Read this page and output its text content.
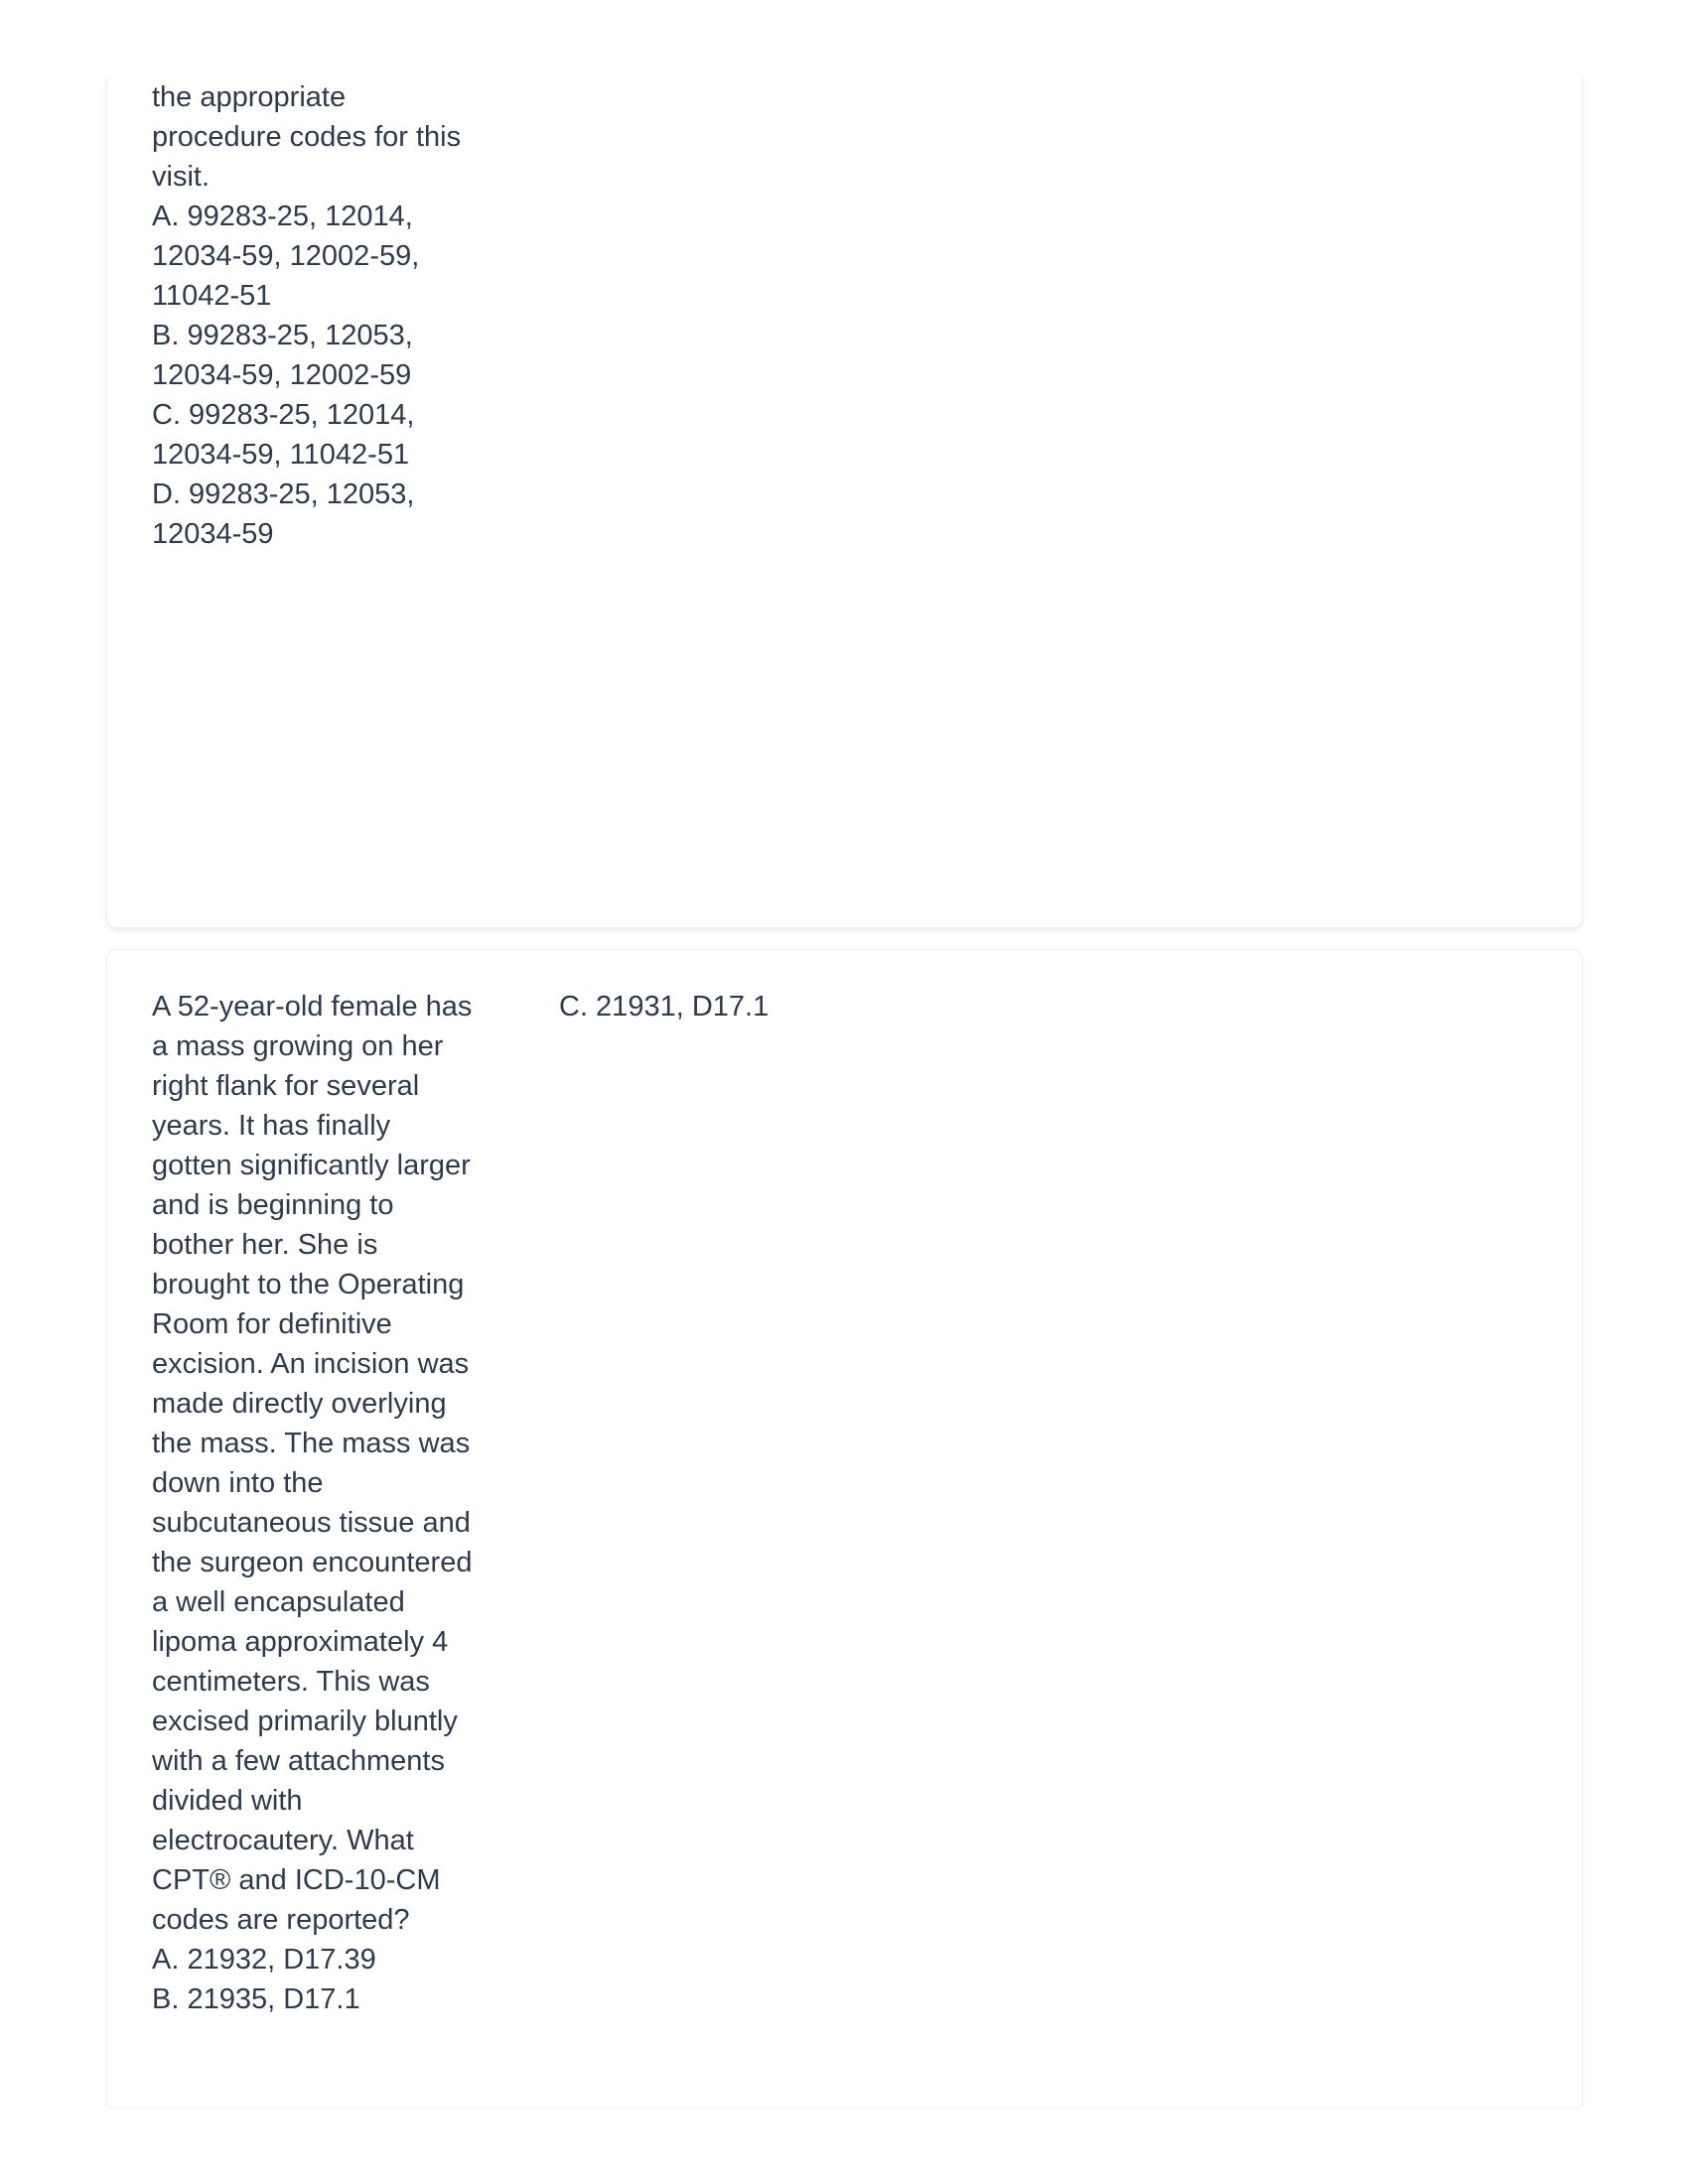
the appropriate procedure codes for this visit.

A. 99283-25, 12014, 12034-59, 12002-59, 11042-51

B. 99283-25, 12053, 12034-59, 12002-59

C. 99283-25, 12014, 12034-59, 11042-51

D. 99283-25, 12053, 12034-59

A 52-year-old female has a mass growing on her right flank for several years. It has finally gotten significantly larger and is beginning to bother her. She is brought to the Operating Room for definitive excision. An incision was made directly overlying the mass. The mass was down into the subcutaneous tissue and the surgeon encountered a well encapsulated lipoma approximately 4 centimeters. This was excised primarily bluntly with a few attachments divided with electrocautery. What CPT® and ICD-10-CM codes are reported?

A. 21932, D17.39

B. 21935, D17.1

C. 21931, D17.1
